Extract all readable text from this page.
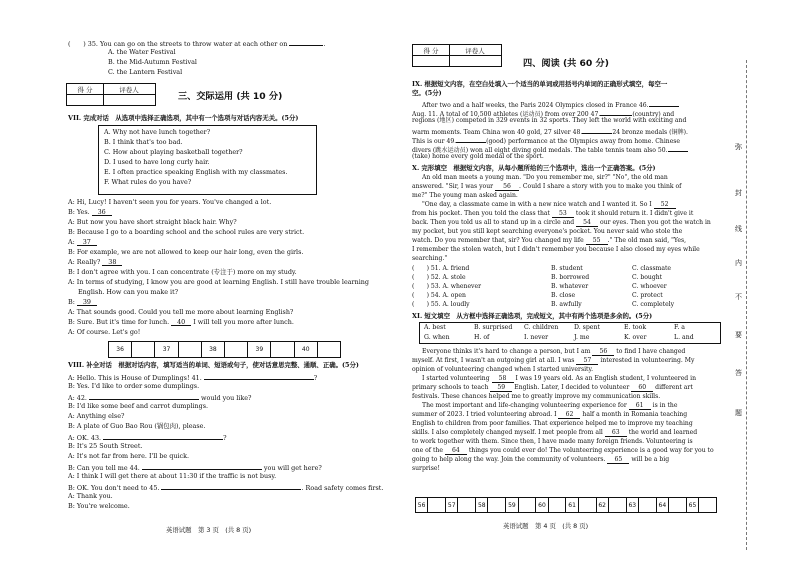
(　　) 35. You can go on the streets to throw water at each other on	.
A. the Water Festival
B. the Mid-Autumn Festival
C. the Lantern Festival
得 分	评卷人
三、交际运用 (共 10 分)
VII. 完成对话　从选项中选择正确选项，其中有一个选项与对话内容无关。(5分)
A. Why not have lunch together?
B. I think that's too bad.
C. How about playing basketball together?
D. I used to have long curly hair.
E. I often practice speaking English with my classmates.
F. What rules do you have?
A: Hi, Lucy! I haven't seen you for years. You've changed a lot.
B: Yes. 36
A: But now you have short straight black hair. Why?
B: Because I go to a boarding school and the school rules are very strict.
A: 37
B: For example, we are not allowed to keep our hair long, even the girls.
A: Really? 38
B: I don't agree with you. I can concentrate (专注于) more on my study.
A: In terms of studying, I know you are good at learning English. I still have trouble learning
English. How can you make it?
B: 39
A: That sounds good. Could you tell me more about learning English?
B: Sure. But it's time for lunch. 40 I will tell you more after lunch.
A: Of course. Let's go!
36	37	38	39	40
VIII. 补全对话　根据对话内容，填写适当的单词、短语或句子，使对话意思完整、通顺、正确。(5分)
A: Hello. This is House of Dumplings! 41.	?
B: Yes. I'd like to order some dumplings.
A: 42.	would you like?
B: I'd like some beef and carrot dumplings.
A: Anything else?
B: A plate of Guo Bao Rou (锅包肉), please.
A: OK. 43.	?
B: It's 25 South Street.
A: It's not far from here. I'll be quick.
B: Can you tell me 44.	you will get here?
A: I think I will get there at about 11:30 if the traffic is not busy.
B: OK. You don't need to 45.	. Road safety comes first.
A: Thank you.
B: You're welcome.
英语试题　第 3 页　(共 8 页)
得 分	评卷人
四、阅读 (共 60 分)
IX. 根据短文内容，在空白处填入一个适当的单词或用括号内单词的正确形式填空，每空一
空。(5分)
After two and a half weeks, the Paris 2024 Olympics closed in France 46.
Aug. 11. A total of 10,500 athletes (运动员) from over 200 47.	(country) and
regions (地区) competed in 329 events in 32 sports. They left the world with exciting and
warm moments. Team China won 40 gold, 27 silver 48.	24 bronze medals (铜牌).
This is our 49.	(good) performance at the Olympics away from home. Chinese
divers (跳水运动员) won all eight diving gold medals. The table tennis team also 50.
(take) home every gold medal of the sport.
X. 完形填空　根据短文内容，从每小题所给的三个选项中，选出一个正确答案。(5分)
An old man meets a young man. "Do you remember me, sir?" "No", the old man
answered. "Sir, I was your 56 . Could I share a story with you to make you think of
me?" The young man asked again.
"One day, a classmate came in with a new nice watch and I wanted it. So I 52
from his pocket. Then you told the class that 53 took it should return it. I didn't give it
back. Then you told us all to stand up in a circle and 54 our eyes. Then you got the watch in
my pocket, but you still kept searching everyone's pocket. You never said who stole the
watch. Do you remember that, sir? You changed my life 55 ." The old man said, "Yes,
I remember the stolen watch, but I didn't remember you because I also closed my eyes while
searching."
(　　) 51. A. friend	B. student	C. classmate
(　　) 52. A. stole	B. borrowed	C. bought
(　　) 53. A. whenever	B. whatever	C. whoever
(　　) 54. A. open	B. close	C. protect
(　　) 55. A. loudly	B. awfully	C. completely
XI. 短文填空　从方框中选择正确选项，完成短文，其中有两个选项是多余的。(5分)
A. best	B. surprised	C. children	D. spent	E. took	F. a
G. when	H. of	I. never	J. me	K. over	L. and
Everyone thinks it's hard to change a person, but I am 56 to find I have changed
myself. At first, I wasn't an outgoing girl at all. I was 57 interested in volunteering. My
opinion of volunteering changed when I started university.
I started volunteering 58 I was 19 years old. As an English student, I volunteered in
primary schools to teach 59 English. Later, I decided to volunteer 60 different art
festivals. These chances helped me to greatly improve my communication skills.
The most important and life-changing volunteering experience for 61 is in the
summer of 2023. I tried volunteering abroad. I 62 half a month in Romania teaching
English to children from poor families. That experience helped me to improve my teaching
skills. I also completely changed myself. I met people from all 63 the world and learned
to work together with them. Since then, I have made many foreign friends. Volunteering is
one of the 64 things you could ever do! The volunteering experience is a good way for you to
going to help along the way. Join the community of volunteers. 65 will be a big
surprise!
56	57	58	59	60	61	62	63	64	65
英语试题　第 4 页　(共 8 页)
弥
封
线
内
不
要
答
题
